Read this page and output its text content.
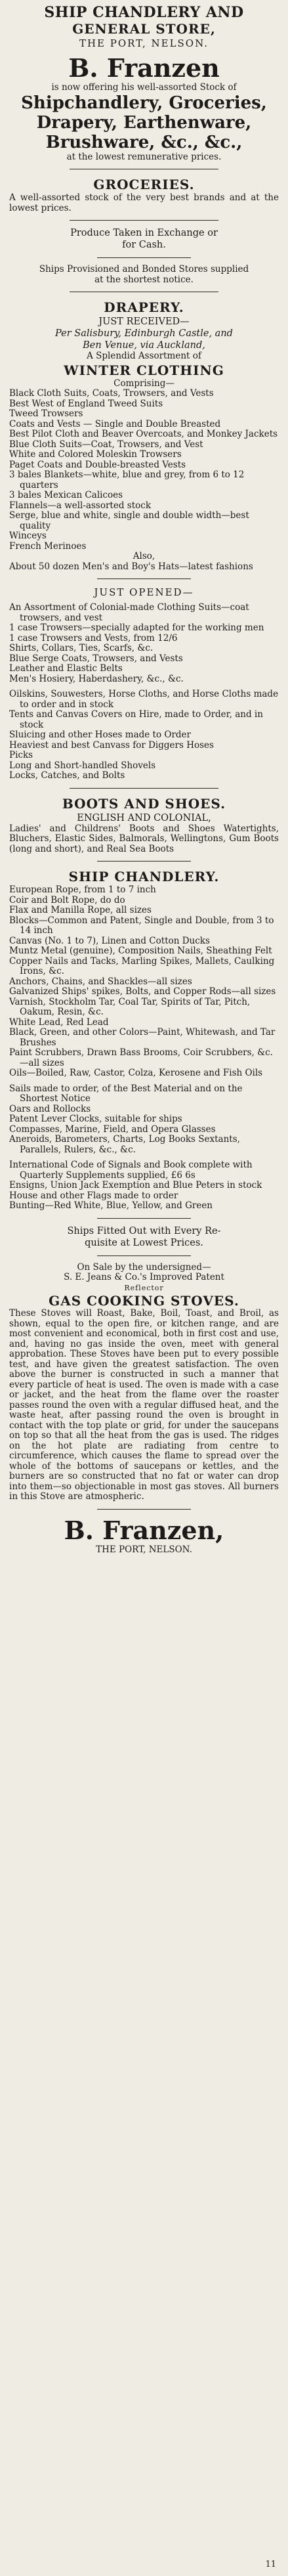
SHIP CHANDLERY AND

GENERAL STORE,

THE PORT, NELSON.

B. Franzen

is now offering his well-assorted Stock of

Shipchandlery, Groceries,

Drapery, Earthenware,

Brushware, &c., &c.,

at the lowest remunerative prices.

GROCERIES.

A well-assorted stock of the very best brands and at the lowest prices.

Produce Taken in Exchange or

for Cash.

Ships Provisioned and Bonded Stores supplied

at the shortest notice.

DRAPERY.

JUST RECEIVED—

Per Salisbury, Edinburgh Castle, and

Ben Venue, via Auckland,

A Splendid Assortment of

WINTER CLOTHING

Comprising—

Black Cloth Suits, Coats, Trowsers, and Vests

Best West of England Tweed Suits

Tweed Trowsers

Coats and Vests — Single and Double Breasted

Best Pilot Cloth and Beaver Overcoats, and Monkey Jackets

Blue Cloth Suits—Coat, Trowsers, and Vest

White and Colored Moleskin Trowsers

Paget Coats and Double-breasted Vests

3 bales Blankets—white, blue and grey, from 6 to 12 quarters

3 bales Mexican Calicoes

Flannels—a well-assorted stock

Serge, blue and white, single and double width—best quality

Winceys

French Merinoes

Also,

About 50 dozen Men's and Boy's Hats—latest fashions

JUST OPENED—

An Assortment of Colonial-made Clothing Suits—coat trowsers, and vest

1 case Trowsers—specially adapted for the working men

1 case Trowsers and Vests, from 12/6

Shirts, Collars, Ties, Scarfs, &c.

Blue Serge Coats, Trowsers, and Vests

Leather and Elastic Belts

Men's Hosiery, Haberdashery, &c., &c.

Oilskins, Souwesters, Horse Cloths, and Horse Cloths made to order and in stock

Tents and Canvas Covers on Hire, made to Order, and in stock

Sluicing and other Hoses made to Order

Heaviest and best Canvass for Diggers Hoses

Picks

Long and Short-handled Shovels

Locks, Catches, and Bolts

BOOTS AND SHOES.

ENGLISH AND COLONIAL,

Ladies' and Childrens' Boots and Shoes Watertights, Bluchers, Elastic Sides, Balmorals, Wellingtons, Gum Boots (long and short), and Real Sea Boots

SHIP CHANDLERY.

European Rope, from 1 to 7 inch

Coir and Bolt Rope, do do

Flax and Manilla Rope, all sizes

Blocks—Common and Patent, Single and Double, from 3 to 14 inch

Canvas (No. 1 to 7), Linen and Cotton Ducks

Muntz Metal (genuine), Composition Nails, Sheathing Felt

Copper Nails and Tacks, Marling Spikes, Mallets, Caulking Irons, &c.

Anchors, Chains, and Shackles—all sizes

Galvanized Ships' spikes, Bolts, and Copper Rods—all sizes

Varnish, Stockholm Tar, Coal Tar, Spirits of Tar, Pitch, Oakum, Resin, &c.

White Lead, Red Lead

Black, Green, and other Colors—Paint, Whitewash, and Tar Brushes

Paint Scrubbers, Drawn Bass Brooms, Coir Scrubbers, &c.—all sizes

Oils—Boiled, Raw, Castor, Colza, Kerosene and Fish Oils

Sails made to order, of the Best Material and on the Shortest Notice

Oars and Rollocks

Patent Lever Clocks, suitable for ships

Compasses, Marine, Field, and Opera Glasses

Aneroids, Barometers, Charts, Log Books Sextants, Parallels, Rulers, &c., &c.

International Code of Signals and Book complete with Quarterly Supplements supplied, £6 6s

Ensigns, Union Jack Exemption and Blue Peters in stock

House and other Flags made to order

Bunting—Red White, Blue, Yellow, and Green

Ships Fitted Out with Every Re-

quisite at Lowest Prices.

On Sale by the undersigned—

S. E. Jeans & Co.'s Improved Patent

Reflector

GAS COOKING STOVES.

These Stoves will Roast, Bake, Boil, Toast, and Broil, as shown, equal to the open fire, or kitchen range, and are most convenient and economical, both in first cost and use, and, having no gas inside the oven, meet with general approbation. These Stoves have been put to every possible test, and have given the greatest satisfaction. The oven above the burner is constructed in such a manner that every particle of heat is used. The oven is made with a case or jacket, and the heat from the flame over the roaster passes round the oven with a regular diffused heat, and the waste heat, after passing round the oven is brought in contact with the top plate or grid, for under the saucepans on top so that all the heat from the gas is used. The ridges on the hot plate are radiating from centre to circumference, which causes the flame to spread over the whole of the bottoms of saucepans or kettles, and the burners are so constructed that no fat or water can drop into them—so objectionable in most gas stoves. All burners in this Stove are atmospheric.

B. Franzen,

THE PORT, NELSON.

11
